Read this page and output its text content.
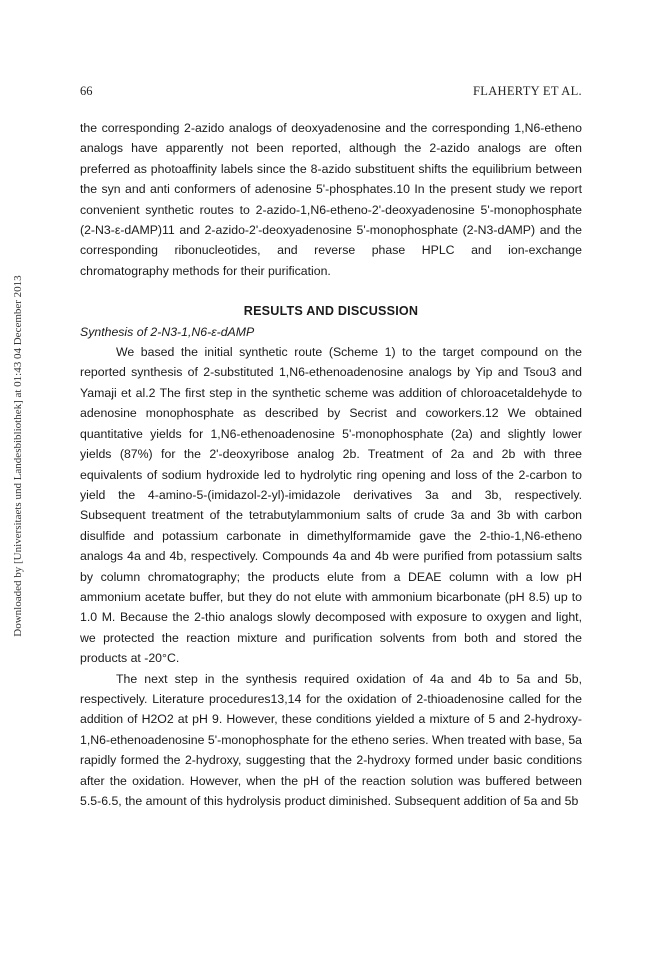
66	FLAHERTY ET AL.
Downloaded by [Universitaets und Landesbibliothek] at 01:43 04 December 2013

the corresponding 2-azido analogs of deoxyadenosine and the corresponding 1,N6-etheno analogs have apparently not been reported, although the 2-azido analogs are often preferred as photoaffinity labels since the 8-azido substituent shifts the equilibrium between the syn and anti conformers of adenosine 5'-phosphates.10 In the present study we report convenient synthetic routes to 2-azido-1,N6-etheno-2'-deoxyadenosine 5'-monophosphate (2-N3-ε-dAMP)11 and 2-azido-2'-deoxyadenosine 5'-monophosphate (2-N3-dAMP) and the corresponding ribonucleotides, and reverse phase HPLC and ion-exchange chromatography methods for their purification.

RESULTS AND DISCUSSION

Synthesis of 2-N3-1,N6-ε-dAMP

We based the initial synthetic route (Scheme 1) to the target compound on the reported synthesis of 2-substituted 1,N6-ethenoadenosine analogs by Yip and Tsou3 and Yamaji et al.2 The first step in the synthetic scheme was addition of chloroacetaldehyde to adenosine monophosphate as described by Secrist and coworkers.12 We obtained quantitative yields for 1,N6-ethenoadenosine 5'-monophosphate (2a) and slightly lower yields (87%) for the 2'-deoxyribose analog 2b. Treatment of 2a and 2b with three equivalents of sodium hydroxide led to hydrolytic ring opening and loss of the 2-carbon to yield the 4-amino-5-(imidazol-2-yl)-imidazole derivatives 3a and 3b, respectively. Subsequent treatment of the tetrabutylammonium salts of crude 3a and 3b with carbon disulfide and potassium carbonate in dimethylformamide gave the 2-thio-1,N6-etheno analogs 4a and 4b, respectively. Compounds 4a and 4b were purified from potassium salts by column chromatography; the products elute from a DEAE column with a low pH ammonium acetate buffer, but they do not elute with ammonium bicarbonate (pH 8.5) up to 1.0 M. Because the 2-thio analogs slowly decomposed with exposure to oxygen and light, we protected the reaction mixture and purification solvents from both and stored the products at -20°C.

The next step in the synthesis required oxidation of 4a and 4b to 5a and 5b, respectively. Literature procedures13,14 for the oxidation of 2-thioadenosine called for the addition of H2O2 at pH 9. However, these conditions yielded a mixture of 5 and 2-hydroxy-1,N6-ethenoadenosine 5'-monophosphate for the etheno series. When treated with base, 5a rapidly formed the 2-hydroxy, suggesting that the 2-hydroxy formed under basic conditions after the oxidation. However, when the pH of the reaction solution was buffered between 5.5-6.5, the amount of this hydrolysis product diminished. Subsequent addition of 5a and 5b
